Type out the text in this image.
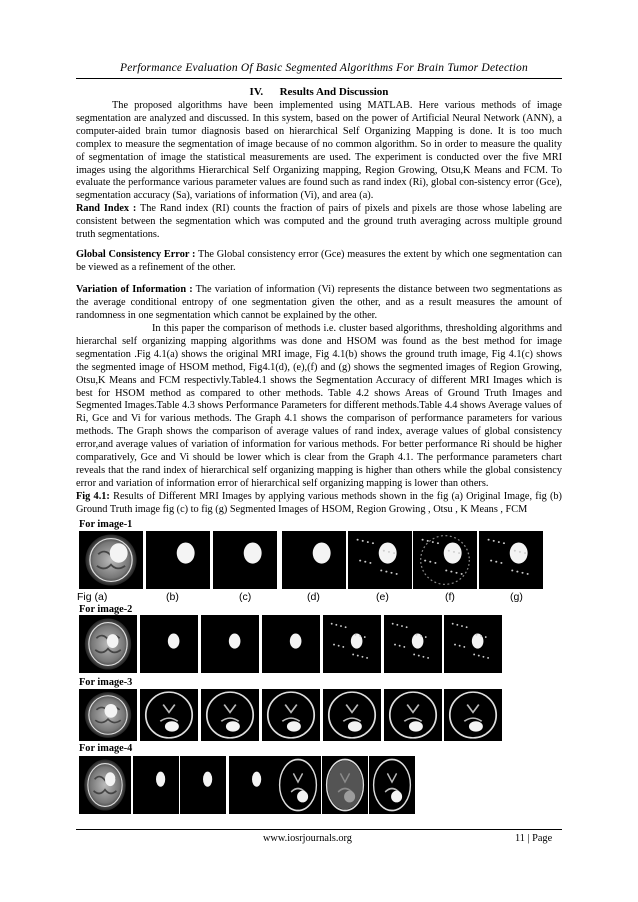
Performance Evaluation Of Basic Segmented Algorithms For Brain Tumor Detection
IV. Results And Discussion
The proposed algorithms have been implemented using MATLAB. Here various methods of image segmentation are analyzed and discussed. In this system, based on the power of Artificial Neural Network (ANN), a computer-aided brain tumor diagnosis based on hierarchical Self Organizing Mapping is done. It is too much complex to measure the segmentation of image because of no common algorithm. So in order to measure the quality of segmentation of image the statistical measurements are used. The experiment is conducted over the five MRI images using the algorithms Hierarchical Self Organizing mapping, Region Growing, Otsu,K Means and FCM. To evaluate the performance various parameter values are found such as rand index (Ri), global con-sistency error (Gce), segmentation accuracy (Sa), variations of information (Vi), and area (a).
Rand Index : The Rand index (RI) counts the fraction of pairs of pixels and pixels are those whose labeling are consistent between the segmentation which was computed and the ground truth averaging across multiple ground truth segmentations.
Global Consistency Error : The Global consistency error (Gce) measures the extent by which one segmentation can be viewed as a refinement of the other.
Variation of Information : The variation of information (Vi) represents the distance between two segmentations as the average conditional entropy of one segmentation given the other, and as a result measures the amount of randomness in one segmentation which cannot be explained by the other.
In this paper the comparison of methods i.e. cluster based algorithms, thresholding algorithms and hierarchal self organizing mapping algorithms was done and HSOM was found as the best method for image segmentation .Fig 4.1(a) shows the original MRI image, Fig 4.1(b) shows the ground truth image, Fig 4.1(c) shows the segmented image of HSOM method, Fig4.1(d), (e),(f) and (g) shows the segmented images of Region Growing, Otsu,K Means and FCM respectivly.Table4.1 shows the Segmentation Accuracy of different MRI Images which is best for HSOM method as compared to other methods. Table 4.2 shows Areas of Ground Truth Images and Segmented Images.Table 4.3 shows Performance Parameters for different methods.Table 4.4 shows Average values of Ri, Gce and Vi for various methods. The Graph 4.1 shows the comparison of performance parameters for various methods. The Graph shows the comparison of average values of rand index, average values of global consistency error,and average values of variation of information for various methods. For better performance Ri should be higher comparatively, Gce and Vi should be lower which is clear from the Graph 4.1. The performance parameters chart reveals that the rand index of hierarchical self organizing mapping is higher than others while the global consistency error and variation of information error of hierarchical self organizing mapping is lower than others.
Fig 4.1: Results of Different MRI Images by applying various methods shown in the fig (a) Original Image, fig (b) Ground Truth image fig (c) to fig (g) Segmented Images of HSOM, Region Growing , Otsu , K Means , FCM
For image-1
For image-2
For image-3
For image-4
Fig (a)	(b)	(c)	(d)	(e)	(f)	(g)
www.iosrjournals.org	11 | Page
